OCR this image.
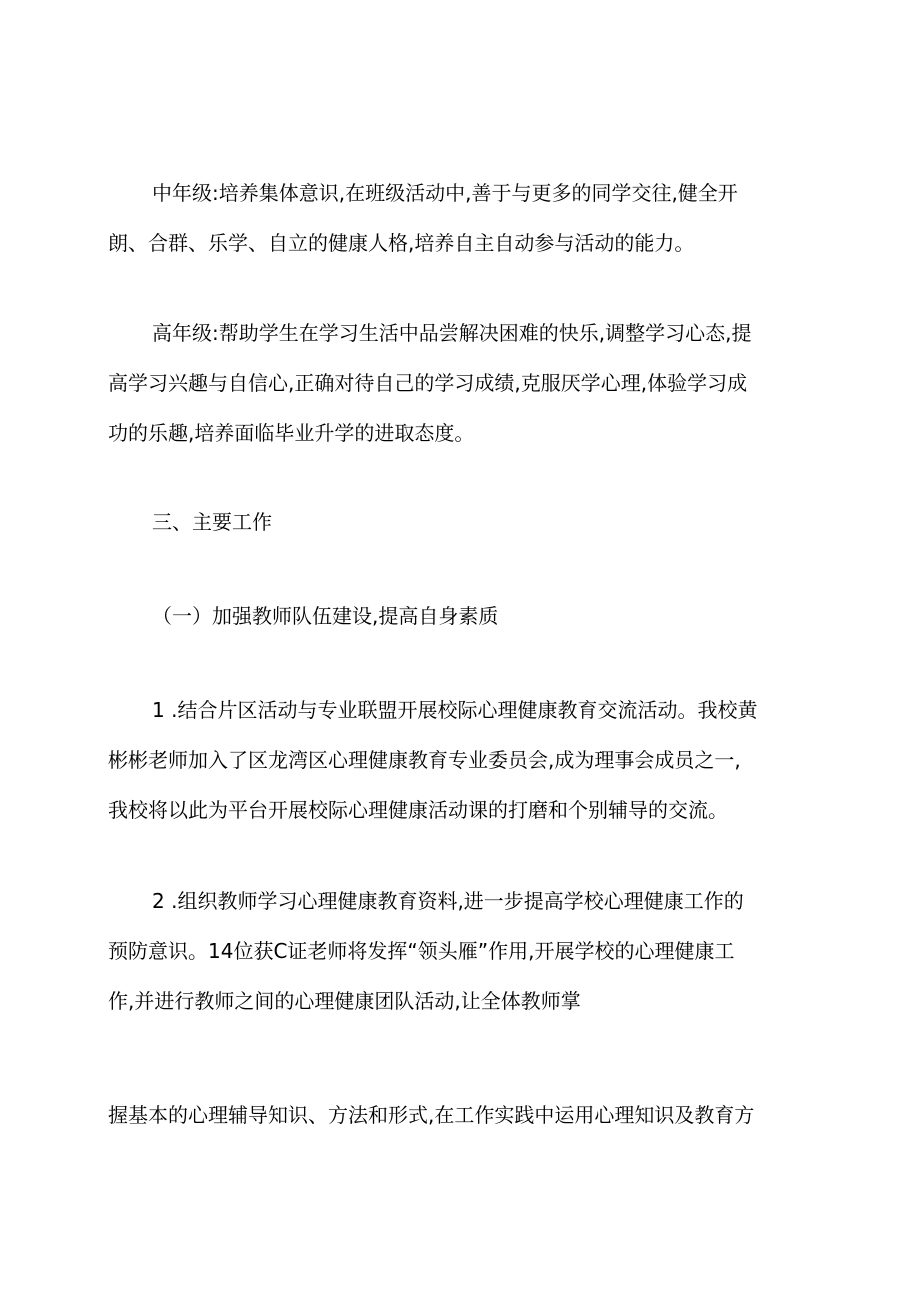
中年级:培养集体意识,在班级活动中,善于与更多的同学交往,健全开
朗、合群、乐学、自立的健康人格,培养自主自动参与活动的能力。
高年级:帮助学生在学习生活中品尝解决困难的快乐,调整学习心态,提
高学习兴趣与自信心,正确对待自己的学习成绩,克服厌学心理,体验学习成
功的乐趣,培养面临毕业升学的进取态度。
三、主要工作
（一）加强教师队伍建设,提高自身素质
1 .结合片区活动与专业联盟开展校际心理健康教育交流活动。我校黄
彬彬老师加入了区龙湾区心理健康教育专业委员会,成为理事会成员之一,
我校将以此为平台开展校际心理健康活动课的打磨和个别辅导的交流。
2 .组织教师学习心理健康教育资料,进一步提高学校心理健康工作的
预防意识。14位获C证老师将发挥“领头雁”作用,开展学校的心理健康工
作,并进行教师之间的心理健康团队活动,让全体教师掌
握基本的心理辅导知识、方法和形式,在工作实践中运用心理知识及教育方
